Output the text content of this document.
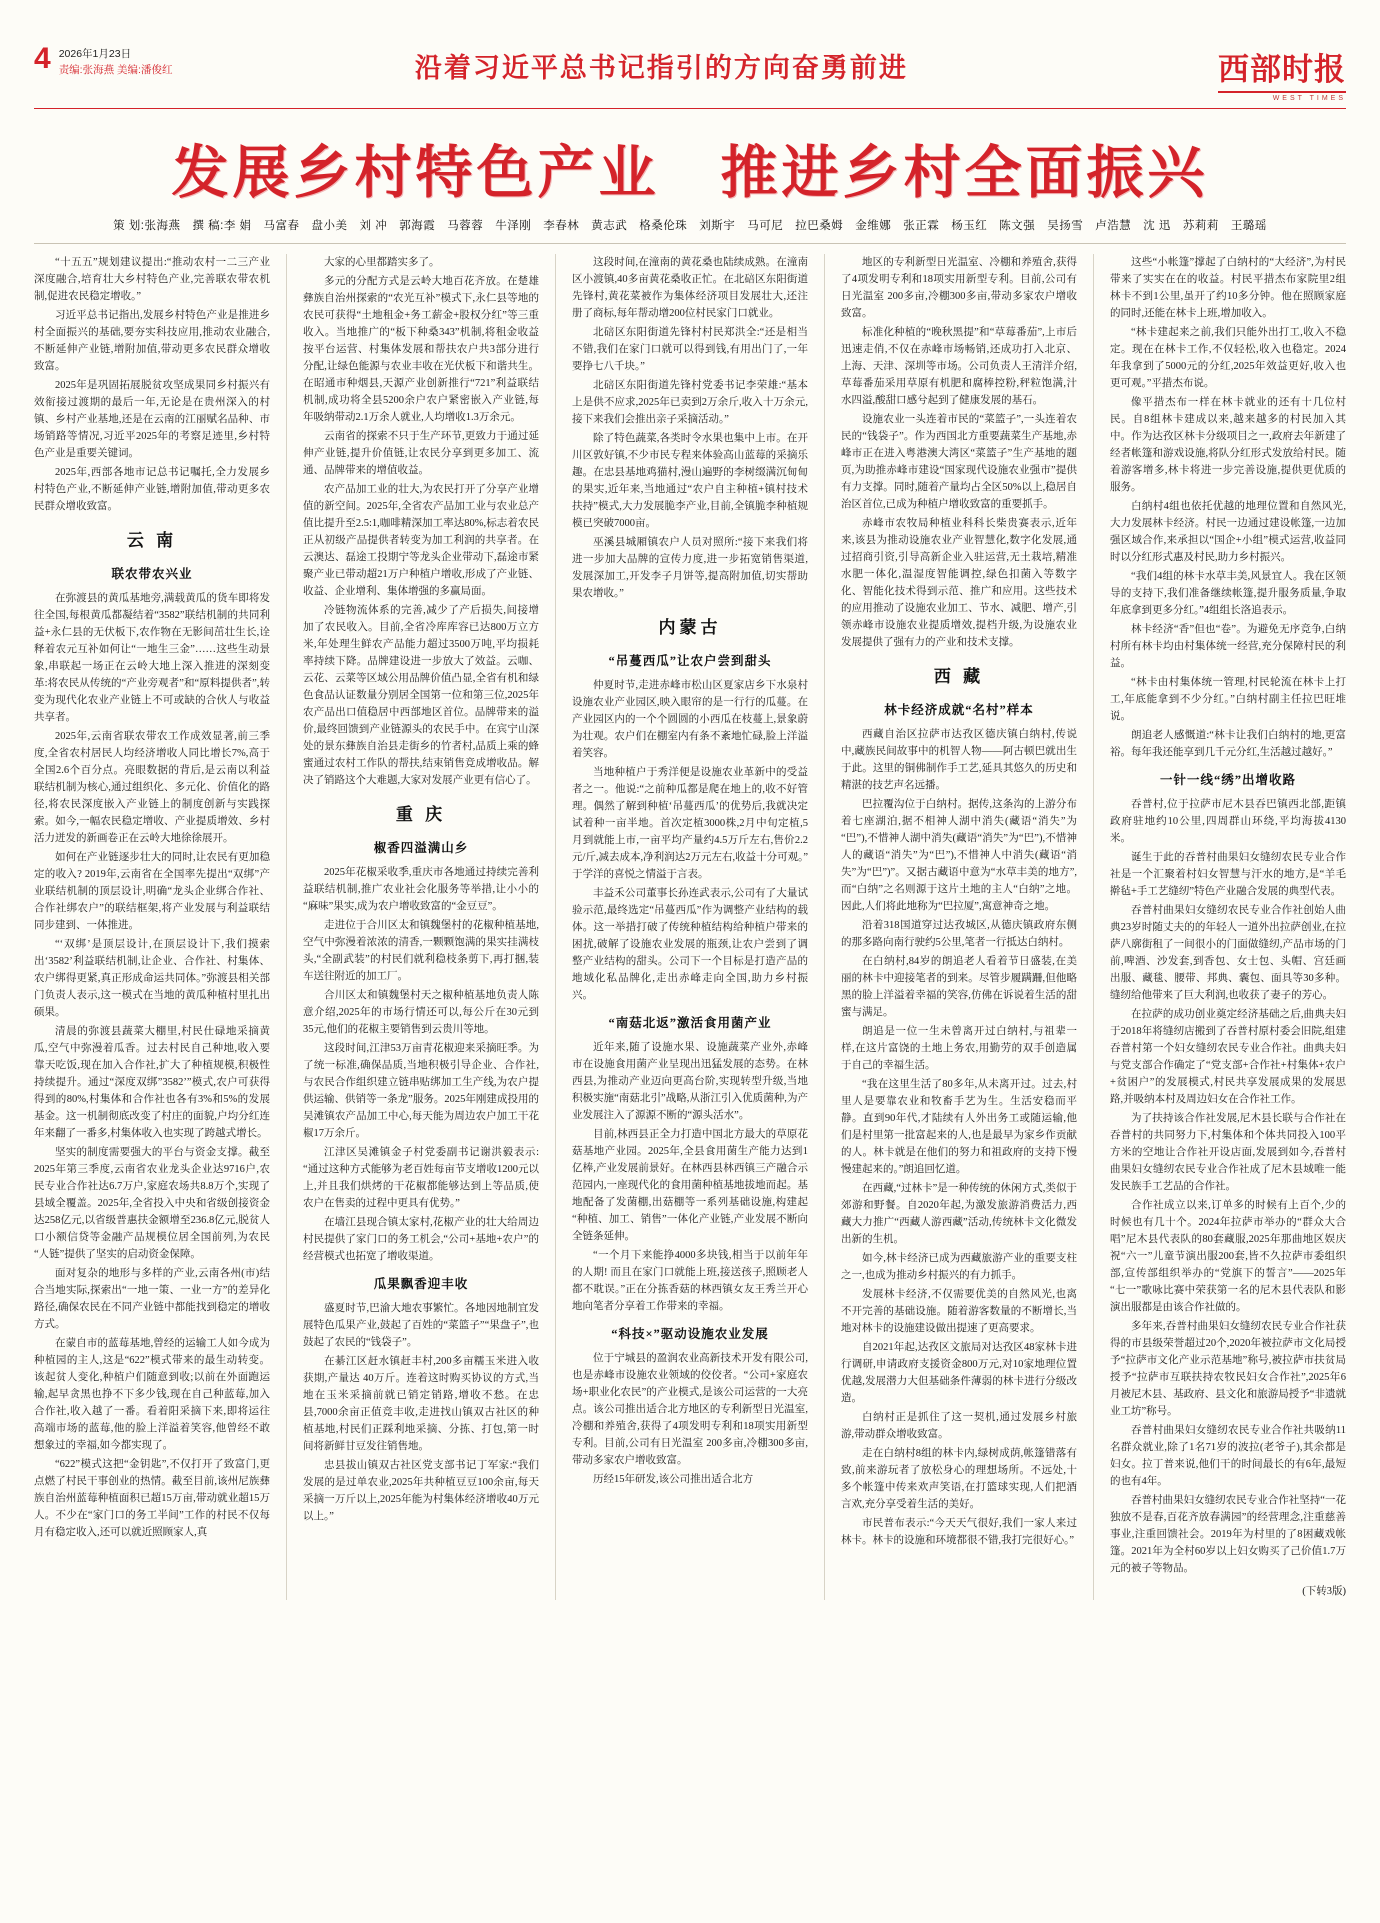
4 2026年1月23日
责编:张海燕 美编:潘俊红	沿着习近平总书记指引的方向奋勇前进	西部时报
WEST TIMES
发展乡村特色产业　推进乡村全面振兴
策 划:张海燕　撰 稿:李 娟　马富春　盘小美　刘 冲　郭海霞　马蓉蓉　牛泽刚　李春林　黄志武　格桑伦珠　刘斯宇　马可尼　拉巴桑姆　金维娜　张正霖　杨玉红　陈文强　吴扬雪　卢浩慧　沈 迅　苏莉莉　王璐瑶

“十五五”规划建议提出:“推动农村一二三产业深度融合,培育壮大乡村特色产业,完善联农带农机制,促进农民稳定增收。”

习近平总书记指出,发展乡村特色产业是推进乡村全面振兴的基础,要夯实科技应用,推动农业融合,不断延伸产业链,增附加值,带动更多农民群众增收致富。

2025年是巩固拓展脱贫攻坚成果同乡村振兴有效衔接过渡期的最后一年,无论是在贵州深入的村镇、乡村产业基地,还是在云南的江丽赋名品种、市场销路等情况,习近平2025年的考察足迹里,乡村特色产业是重要关键词。

2025年,西部各地市记总书记嘱托,全力发展乡村特色产业,不断延伸产业链,增附加值,带动更多农民群众增收致富。

云 南
联农带农兴业

在弥渡县的黄瓜基地旁,满载黄瓜的货车即将发往全国,每根黄瓜都凝结着“3582”联结机制的共同利益+永仁县的无伏板下,农作物在无影间茁壮生长,诠释着农元互补如何让“一地生三金”……这些生动景象,串联起一场正在云岭大地上深入推进的深刻变革:将农民从传统的“产业旁观者”和“原料提供者”,转变为现代化农业产业链上不可或缺的合伙人与收益共享者。

2025年,云南省联农带农工作成效显著,前三季度,全省农村居民人均经济增收人同比增长7%,高于全国2.6个百分点。亮眼数据的背后,是云南以利益联结机制为核心,通过组织化、多元化、价值化的路径,将农民深度嵌入产业链上的制度创新与实践探索。如今,一幅农民稳定增收、产业提质增效、乡村活力迸发的新画卷正在云岭大地徐徐展开。

如何在产业链逐步壮大的同时,让农民有更加稳定的收入? 2019年,云南省在全国率先提出“双绑”产业联结机制的顶层设计,明确“龙头企业绑合作社、合作社绑农户”的联结框架,将产业发展与利益联结同步建到、一体推进。

“‘双绑’是顶层设计,在顶层设计下,我们摸索出‘3582’利益联结机制,让企业、合作社、村集体、农户绑得更紧,真正形成命运共同体。”弥渡县相关部门负责人表示,这一模式在当地的黄瓜种植村里扎出硕果。

清晨的弥渡县蔬菜大棚里,村民仕碌地采摘黄瓜,空气中弥漫着瓜香。过去村民自己种地,收入要靠天吃饭,现在加入合作社,扩大了种植规模,积极性持续提升。通过“深度双绑”3582’”模式,农户可获得得到的80%,村集体和合作社也各有3%和5%的发展基金。这一机制彻底改变了村庄的面貌,户均分红连年来翻了一番多,村集体收入也实现了跨越式增长。

坚实的制度需要强大的平台与资金支撑。截至2025年第三季度,云南省农业龙头企业达9716户,农民专业合作社达6.7万户,家庭农场共8.8万个,实现了县域全覆盖。2025年,全省投入中央和省级创接资金达258亿元,以省级普惠扶金额增至236.8亿元,脱贫人口小额信贷等金融产品规模位居全国前列,为农民“人链”提供了坚实的启动资金保障。

面对复杂的地形与多样的产业,云南各州(市)结合当地实际,探索出“一地一策、一业一方”的差异化路径,确保农民在不同产业链中都能找到稳定的增收方式。

在蒙自市的蓝莓基地,曾经的运输工人如今成为种植园的主人,这是“622”模式带来的最生动转变。该起贫人变化,种植户们随意到收;以前在外面跑运输,起早贪黑也挣不下多少钱,现在自己种蓝莓,加入合作社,收入越了一番。看着阳采摘下来,即将运往高端市场的蓝莓,他的脸上洋溢着笑容,他曾经不敢想象过的幸福,如今都实现了。

“622”模式这把“金钥匙”,不仅打开了致富门,更点燃了村民干事创业的热情。截至目前,该州尼族彝族自治州蓝莓种植面积已超15万亩,带动就业超15万人。不少在“家门口的务工半间”工作的村民不仅每月有稳定收入,还可以就近照顾家人,真

大家的心里都踏实多了。

多元的分配方式是云岭大地百花齐放。在楚雄彝族自治州探索的“农光互补”模式下,永仁县等地的农民可获得“土地租金+务工薪金+股权分红”等三重收入。当地推广的“板下种桑343”机制,将租金收益按平台运营、村集体发展和帮扶农户共3部分进行分配,让绿色能源与农业丰收在光伏板下和谐共生。在昭通市种烟县,天源产业创新推行“721”利益联结机制,成功将全县5200余户农户紧密嵌入产业链,每年吸纳带动2.1万余人就业,人均增收1.3万余元。

云南省的探索不只于生产环节,更致力于通过延伸产业链,提升价值链,让农民分享到更多加工、流通、品牌带来的增值收益。

农产品加工业的壮大,为农民打开了分享产业增值的新空间。2025年,全省农产品加工业与农业总产值比提升至2.5:1,咖啡精深加工率达80%,标志着农民正从初级产品提供者转变为加工利润的共享者。在云澳达、磊途工投期宁等龙头企业带动下,磊途市紧聚产业已带动超21万户种植户增收,形成了产业链、收益、企业增利、集体增强的多赢局面。

冷链物流体系的完善,减少了产后损失,间接增加了农民收入。目前,全省冷库库容已达800万立方米,年处理生鲜农产品能力超过3500万吨,平均损耗率持续下降。品牌建设进一步放大了效益。云咖、云花、云菜等区域公用品牌价值凸显,全省有机和绿色食品认证数量分别居全国第一位和第三位,2025年农产品出口值稳居中西部地区首位。品牌带来的溢价,最终回馈到产业链源头的农民手中。在宾宁山深处的景东彝族自治县走街乡的竹者村,品质上乘的蜂蜜通过农村工作队的帮扶,结束销售竞成增收品。解决了销路这个大难题,大家对发展产业更有信心了。

重 庆
椒香四溢满山乡

2025年花椒采收季,重庆市各地通过持续完善利益联结机制,推广农业社会化服务等举措,让小小的“麻味”果实,成为农户增收致富的“金豆豆”。

走进位于合川区太和镇魏堡村的花椒种植基地,空气中弥漫着浓浓的清香,一颗颗饱满的果实挂满枝头,“全副武装”的村民们就利稳枝条剪下,再打捆,装车送往附近的加工厂。

合川区太和镇魏堡村天之椒种植基地负责人陈意介绍,2025年的市场行情还可以,每公斤在30元到35元,他们的花椒主要销售到云贵川等地。

这段时间,江津53万亩青花椒迎来采摘旺季。为了统一标准,确保品质,当地积极引导企业、合作社,与农民合作组织建立链串贴绑加工生产线,为农户提供运输、供销等一条龙”服务。2025年刚建成投用的吴滩镇农产品加工中心,每天能为周边农户加工干花椒17万余斤。

江津区吴滩镇金子村党委副书记谢洪毅表示:“通过这种方式能够为老百姓每亩节支增收1200元以上,并且我们烘烤的干花椒都能够达到上等品质,使农户在售卖的过程中更具有优势。”

在墙江县现合镇太家村,花椒产业的壮大给周边村民提供了家门口的务工机会,“公司+基地+农户”的经营模式也拓宽了增收渠道。

瓜果飘香迎丰收

盛夏时节,巴渝大地农事繁忙。各地因地制宜发展特色瓜果产业,鼓起了百姓的“菜篮子”“果盘子”,也鼓起了农民的“钱袋子”。

在綦江区赶水镇赶丰村,200多亩糯玉米进入收获期,产量达 40万斤。连着这时购买协议的方式,当地在玉米采摘前就已销定销路,增收不愁。在忠县,7000余亩正值竞丰收,走进找山镇双古社区的种植基地,村民们正踩利地采摘、分拣、打包,第一时间将新鲜甘豆发往销售地。

忠县拔山镇双古社区党支部书记丁军家:“我们发展的是过单农业,2025年共种植豆豆100余亩,每天采摘一万斤以上,2025年能为村集体经济增收40万元以上。”

这段时间,在潼南的黄花桑也陆续成熟。在潼南区小渡镇,40多亩黄花桑收正忙。在北碚区东阳街道先锋村,黄花菜被作为集体经济项目发展壮大,还注册了商标,每年帮动增200位村民家门口就业。

北碚区东阳街道先锋村村民郑洪全:“还是相当不错,我们在家门口就可以得到钱,有用出门了,一年要挣七八千块。”

北碚区东阳街道先锋村党委书记李荣雄:“基本上是供不应求,2025年已卖到2万余斤,收入十万余元,接下来我们会推出亲子采摘活动。”

除了特色蔬菜,各类时令水果也集中上市。在开川区敦好镇,不少市民专程来体验高山蓝莓的采摘乐趣。在忠县基地鸡猫村,漫山遍野的李树缀满沉甸甸的果实,近年来,当地通过“农户自主种植+镇村技术扶持”模式,大力发展脆李产业,目前,全镇脆李种植规模已突破7000亩。

巫溪县城厢镇农户人员对照所:“接下来我们将进一步加大品牌的宣传力度,进一步拓宽销售渠道,发展深加工,开发李子月饼等,提高附加值,切实帮助果农增收。”

内蒙古
“吊蔓西瓜”让农户尝到甜头

仲夏时节,走进赤峰市松山区夏家店乡下水泉村设施农业产业园区,映入眼帘的是一行行的瓜蔓。在产业园区内的一个个圆圆的小西瓜在枝蔓上,景象蔚为壮观。农户们在棚室内有条不紊地忙碌,脸上洋溢着笑容。

当地种植户于秀洋便是设施农业革新中的受益者之一。他说:“之前种瓜都是爬在地上的,收不好管理。偶然了解到种植‘吊蔓西瓜’的优势后,我就决定试着种一亩半地。首次定植3000株,2月中旬定植,5月到就能上市,一亩平均产量约4.5万斤左右,售价2.2元/斤,减去成本,净利润达2万元左右,收益十分可观。”于学洋的喜悦之情溢于言表。

丰益禾公司董事长孙连武表示,公司有了大量试验示范,最终选定“吊蔓西瓜”作为调整产业结构的载体。这一举措打破了传统种植结构给种植户带来的困扰,破解了设施农业发展的瓶颈,让农户尝到了调整产业结构的甜头。公司下一个目标是打造产品的地域化私品牌化,走出赤峰走向全国,助力乡村振兴。

“南菇北返”激活食用菌产业

近年来,随了设施水果、设施蔬菜产业外,赤峰市在设施食用菌产业呈现出迅猛发展的态势。在林西县,为推动产业迈向更高台阶,实现转型升级,当地积极实施“南菇北引”战略,从浙江引入优质菌种,为产业发展注入了源源不断的“源头活水”。

目前,林西县正全力打造中国北方最大的草原花菇基地产业园。2025年,全县食用菌生产能力达到1亿棒,产业发展前景好。在林西县林西镇三产融合示范园内,一座现代化的食用菌种植基地拔地而起。基地配备了发菌棚,出菇棚等一系列基础设施,构建起“种植、加工、销售”一体化产业链,产业发展不断向全链条延伸。

“一个月下来能挣4000多块钱,相当于以前年年的人期! 而且在家门口就能上班,接送孩子,照顾老人都不耽误。”正在分拣香菇的林西镇女友王秀兰开心地向笔者分享着工作带来的幸福。

“科技×”驱动设施农业发展

位于宁城县的盈润农业高新技术开发有限公司,也是赤峰市设施农业领域的佼佼者。“公司+家庭农场+职业化农民”的产业模式,是该公司运营的一大亮点。该公司推出适合北方地区的专利新型日光温室,冷棚和养殖舍,获得了4项发明专利和18项实用新型专利。目前,公司有日光温室 200多亩,冷棚300多亩,带动多家农户增收致富。

历经15年研发,该公司推出适合北方

地区的专利新型日光温室、冷棚和养殖舍,获得了4项发明专利和18项实用新型专利。目前,公司有日光温室 200多亩,冷棚300多亩,带动多家农户增收致富。

标准化种植的“晚秋黑提”和“草莓番茄”,上市后迅速走俏,不仅在赤峰市场畅销,还成功打入北京、上海、天津、深圳等市场。公司负责人王清洋介绍,草莓番茄采用草原有机肥和腐棒控粉,秤粒饱满,汁水四溢,酸甜口感兮起到了健康发展的基石。

设施农业一头连着市民的“菜篮子”,一头连着农民的“钱袋子”。作为西国北方重要蔬菜生产基地,赤峰市正在进入粤港澳大湾区“菜篮子”生产基地的题页,为助推赤峰市建设“国家现代设施农业强市”提供有力支撑。同时,随着产量均占全区50%以上,稳居自治区首位,已成为种植户增收致富的重要抓手。

赤峰市农牧局种植业科科长柴贵赛表示,近年来,该县为推动设施农业产业智慧化,数字化发展,通过招商引资,引导高新企业入驻运营,无土栽培,精准水肥一体化,温湿度智能调控,绿色扣菌入等数字化、智能化技术得到示范、推广和应用。这些技术的应用推动了设施农业加工、节水、减肥、增产,引领赤峰市设施农业提质增效,提档升级,为设施农业发展提供了强有力的产业和技术支撑。

西 藏
林卡经济成就“名村”样本

西藏自治区拉萨市达孜区德庆镇白纳村,传说中,藏族民间故事中的机智人物——阿古顿巴就出生于此。这里的铜佛制作手工艺,延具其悠久的历史和精湛的技艺声名远播。

巴拉覆沟位于白纳村。据传,这条沟的上游分布着七座湖泊,据不相神人湖中消失(藏语“消失”为“巴”),不惜神人湖中消失(藏语“消失”为“巴”),不惜神人的藏语“消失”为“巴”),不惜神人中消失(藏语“消失”为“巴”)”。又据古藏语中意为“水草丰美的地方”,而“白纳”之名则源于这片土地的主人“白纳”之地。因此,人们将此地称为“巴拉厦”,寓意神奇之地。

沿着318国道穿过达孜城区,从德庆镇政府东侧的那多路向南行驶约5公里,笔者一行抵达白纳村。

在白纳村,84岁的朗追老人看着节日盛装,在美丽的林卡中迎接笔者的到来。尽管步履蹒跚,但他略黑的脸上洋溢着幸福的笑容,仿佛在诉说着生活的甜蜜与满足。

朗追是一位一生未曾离开过白纳村,与祖辈一样,在这片富饶的土地上务农,用勤劳的双手创造属于自己的幸福生活。

“我在这里生活了80多年,从未离开过。过去,村里人是要靠农业和牧畜手艺为生。生活安稳而平静。直到90年代,才陆续有人外出务工或随运输,他们是村里第一批富起来的人,也是最早为家乡作贡献的人。林卡就是在他们的努力和祖政府的支持下慢慢建起来的。”朗追回忆道。

在西藏,“过林卡”是一种传统的休闲方式,类似于郊游和野餐。自2020年起,为激发旅游消费活力,西藏大力推广“西藏人游西藏”活动,传统林卡文化微发出新的生机。

如今,林卡经济已成为西藏旅游产业的重要支柱之一,也成为推动乡村振兴的有力抓手。

发展林卡经济,不仅需要优美的自然风光,也离不开完善的基础设施。随着游客数量的不断增长,当地对林卡的设施建设做出提速了更高要求。

自2021年起,达孜区文旅局对达孜区48家林卡进行调研,申请政府支援资金800万元,对10家地理位置优越,发展潜力大但基础条件薄弱的林卡进行分级改造。

白纳村正是抓住了这一契机,通过发展乡村旅游,带动群众增收致富。

走在白纳村8组的林卡内,绿树成荫,帐篷错落有致,前来游玩者了放松身心的理想场所。不远处,十多个帐篷中传来欢声笑语,在打篮球实现,人们把酒言欢,充分享受着生活的美好。

市民普布表示:“今天天气很好,我们一家人来过林卡。林卡的设施和环境都很不错,我打完很好心。”

这些“小帐篷”撑起了白纳村的“大经济”,为村民带来了实实在在的收益。村民平措杰布家院里2组林卡不到1公里,虽开了约10多分钟。他在照顾家庭的同时,还能在林卡上班,增加收入。

“林卡建起来之前,我们只能外出打工,收入不稳定。现在在林卡工作,不仅轻松,收入也稳定。2024年我拿到了5000元的分红,2025年效益更好,收入也更可观。”平措杰布说。

像平措杰布一样在林卡就业的还有十几位村民。自8组林卡建成以来,越来越多的村民加入其中。作为达孜区林卡分级项目之一,政府去年新建了经者帐篷和游戏设施,将队分红形式发放给村民。随着游客增多,林卡将进一步完善设施,提供更优质的服务。

白纳村4组也依托优越的地理位置和自然风光,大力发展林卡经济。村民一边通过建设帐篷,一边加强区域合作,来承担以“国企+小组”模式运营,收益同时以分红形式惠及村民,助力乡村振兴。

“我们4组的林卡水草丰美,风景宜人。我在区领导的支持下,我们准备继续帐篷,提升服务质量,争取年底拿到更多分红。”4组组长洛追表示。

林卡经济“香”但也“卷”。为避免无序竞争,白纳村所有林卡均由村集体统一经营,充分保障村民的利益。

“林卡由村集体统一管理,村民轮流在林卡上打工,年底能拿到不少分红。”白纳村副主任拉巴旺堆说。

朗追老人感慨道:“林卡让我们白纳村的地,更富裕。每年我还能享到几千元分红,生活越过越好。”

一针一线“绣”出增收路

吞普村,位于拉萨市尼木县吞巴镇西北部,距镇政府驻地约10公里,四周群山环绕,平均海拔4130米。

诞生于此的吞普村曲果妇女缝纫农民专业合作社是一个汇聚着村妇女智慧与汗水的地方,是“羊毛擀毡+手工艺缝纫”特色产业融合发展的典型代表。

吞普村曲果妇女缝纫农民专业合作社创始人曲典23岁时随丈夫的的年轻人一道外出拉萨创业,在拉萨八廓街租了一间很小的门面做缝纫,产品市场的门前,啤酒、沙发套,到香包、女士包、头帽、宫廷画出服、藏毯、腰带、邦典、囊包、面具等30多种。缝纫给他带来了巨大利润,也收获了妻子的芳心。

在拉萨的成功创业奠定经济基础之后,曲典夫妇于2018年将缝纫店搬到了吞普村原村委会旧院,组建吞普村第一个妇女缝纫农民专业合作社。曲典夫妇与党支部合作确定了“党支部+合作社+村集体+农户+贫困户”的发展模式,村民共享发展成果的发展思路,并吸纳本村及周边妇女在合作社工作。

为了扶持该合作社发展,尼木县长联与合作社在吞普村的共同努力下,村集体和个体共同投入100平方米的空地让合作社开设店面,发展到如今,吞普村曲果妇女缝纫农民专业合作社成了尼木县域唯一能发民族手工艺品的合作社。

合作社成立以来,订单多的时候有上百个,少的时候也有几十个。2024年拉萨市举办的“群众大合唱”尼木县代表队的80套藏服,2025年那曲地区娱庆祝“六一”儿童节演出服200套,皆不久拉萨市委组织部,宣传部组织举办的“党旗下的誓言”——2025年“七一”歌咏比赛中荣获第一名的尼木县代表队和影演出服都是由该合作社做的。

多年来,吞普村曲果妇女缝纫农民专业合作社获得的市县级荣誉超过20个,2020年被拉萨市文化局授予“拉萨市文化产业示范基地”称号,被拉萨市扶贫局授予“拉萨市互联扶持农牧民妇女合作社”,2025年6月被尼木县、基政府、县文化和旅游局授予“非遗就业工坊”称号。

吞普村曲果妇女缝纫农民专业合作社共吸纳11名群众就业,除了1名71岁的波拉(老爷子),其余都是妇女。拉丁普来说,他们干的时间最长的有6年,最短的也有4年。

吞普村曲果妇女缝纫农民专业合作社坚持“一花独放不是春,百花齐放春满园”的经营理念,注重慈善事业,注重回馈社会。2019年为村里的了8困藏戏帐篷。2021年为全村60岁以上妇女购买了己价值1.7万元的被子等物品。

(下转3版)
